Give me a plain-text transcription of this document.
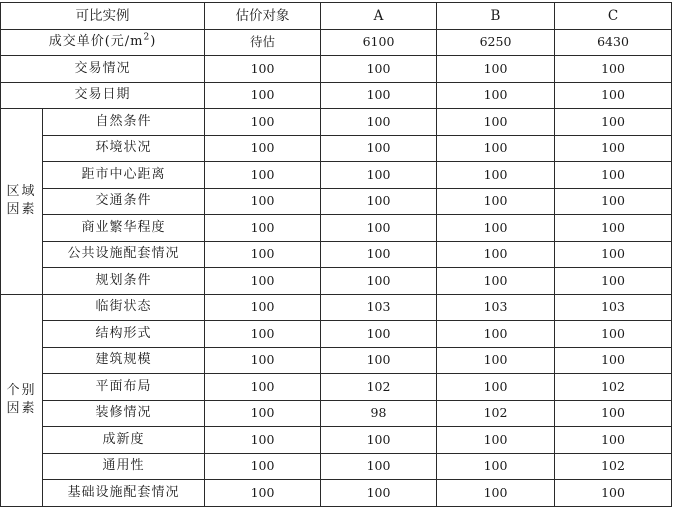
可比实例		估价对象	A	B	C
成交单价(元$/m^2$)		待估	6100	6250	6430
交易情况		100	100	100	100
交易日期		100	100	100	100
区域因素	自然条件	100	100	100	100
	环境状况	100	100	100	100
	距市中心距离	100	100	100	100
	交通条件	100	100	100	100
	商业繁华程度	100	100	100	100
	公共设施配套情况	100	100	100	100
	规划条件	100	100	100	100
个别因素	临街状态	100	103	103	103
	结构形式	100	100	100	100
	建筑规模	100	100	100	100
	平面布局	100	102	100	102
	装修情况	100	98	102	100
	成新度	100	100	100	100
	通用性	100	100	100	102
	基础设施配套情况	100	100	100	100
